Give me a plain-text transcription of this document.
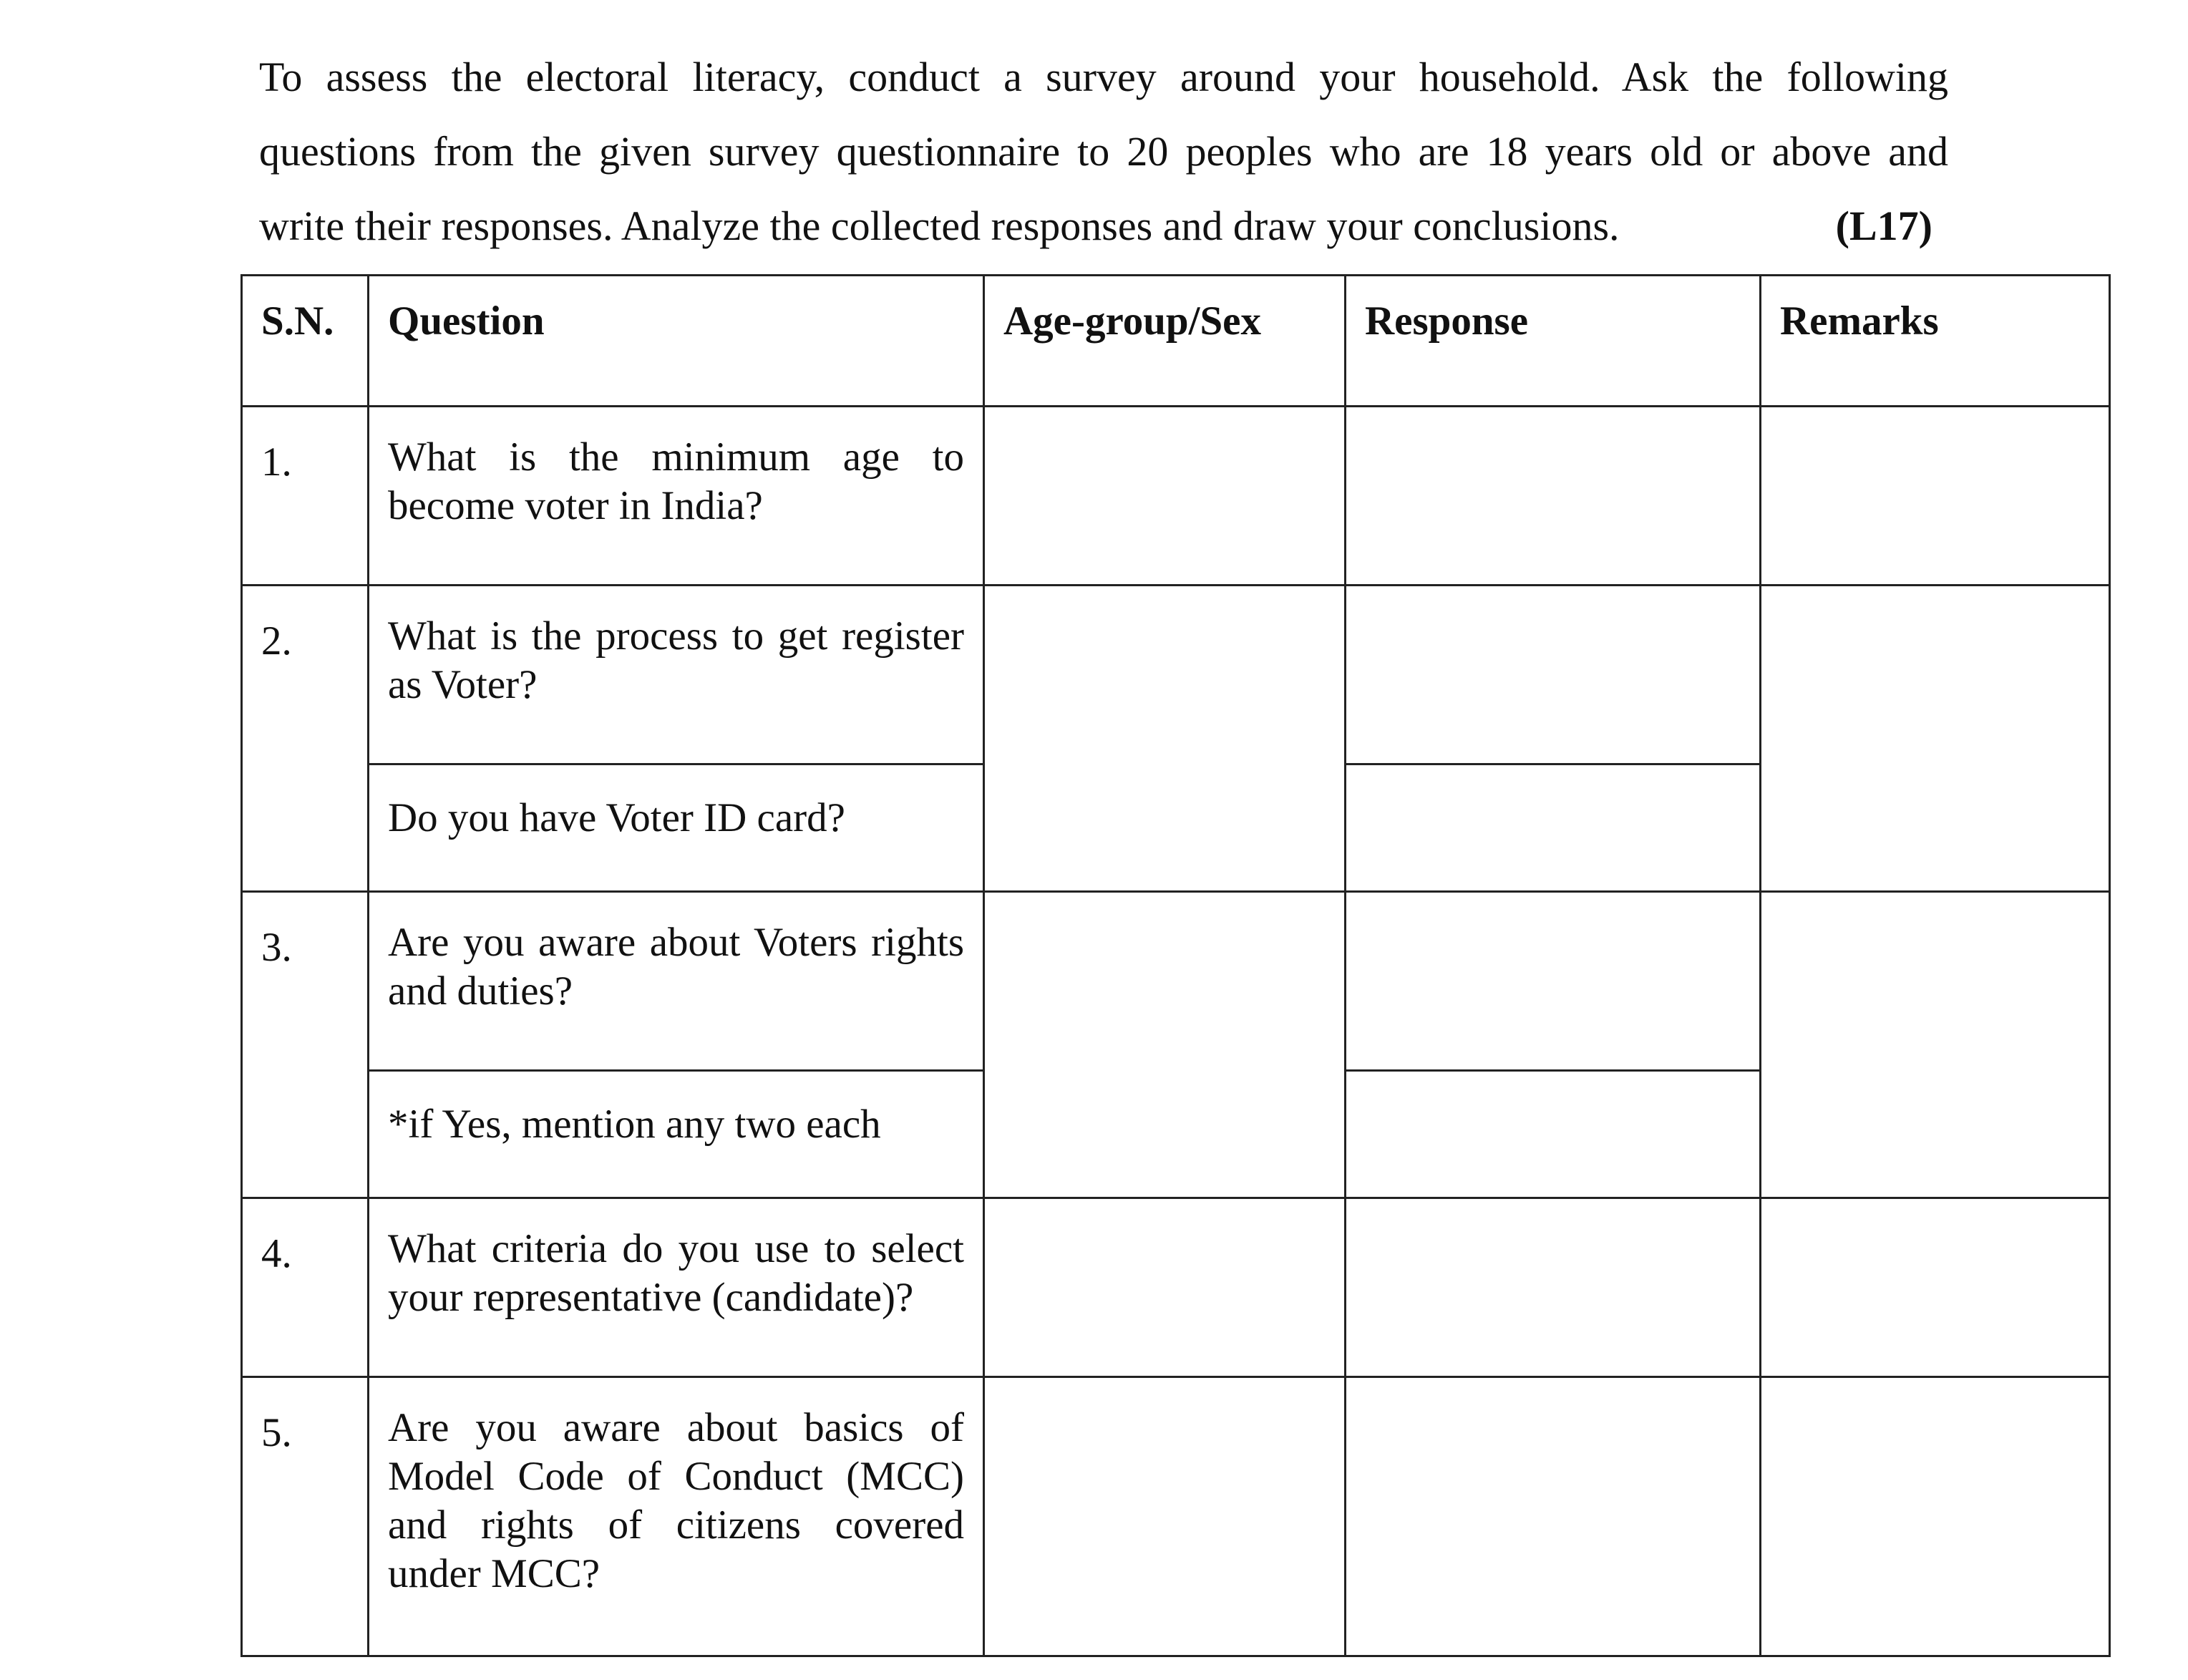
To assess the electoral literacy, conduct a survey around your household. Ask the following
questions from the given survey questionnaire to 20 peoples who are 18 years old or above and
write their responses. Analyze the collected responses and draw your conclusions.	(L17)
S.N.	Question	Age-group/Sex	Response	Remarks

1.	What is the minimum age to become voter in India?			

2.	What is the process to get register as Voter?			

	Do you have Voter ID card?			

3.	Are you aware about Voters rights and duties?			

	*if Yes, mention any two each			

4.	What criteria do you use to select your representative (candidate)?			

5.	Are you aware about basics of Model Code of Conduct (MCC) and rights of citizens covered under MCC?			
